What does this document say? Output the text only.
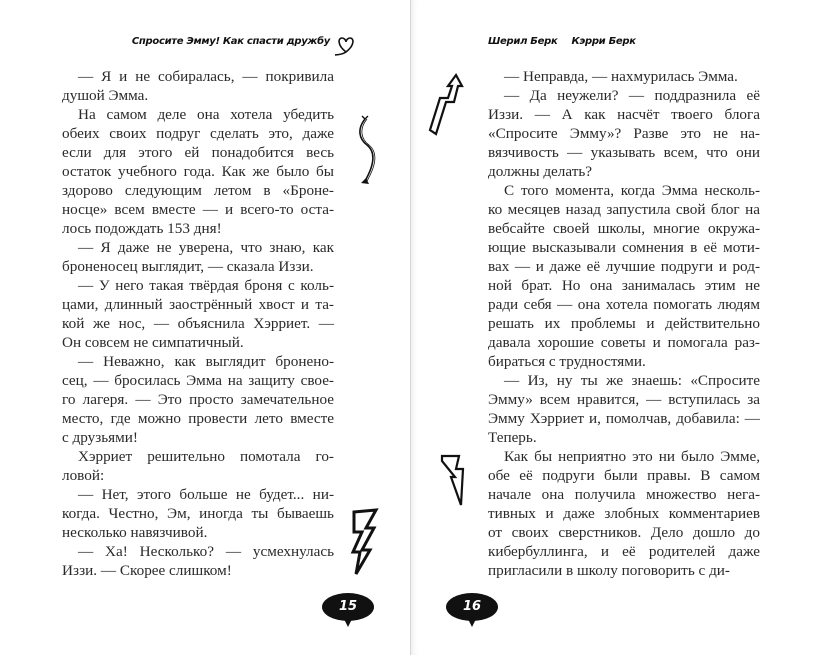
Спросите Эмму! Как спасти дружбу
— Я и не собиралась, — покривила
душой Эмма.
На самом деле она хотела убедить
обеих своих подруг сделать это, даже
если для этого ей понадобится весь
остаток учебного года. Как же было бы
здорово следующим летом в «Броне-
носце» всем вместе — и всего-то оста-
лось подождать 153 дня!
— Я даже не уверена, что знаю, как
броненосец выглядит, — сказала Иззи.
— У него такая твёрдая броня с коль-
цами, длинный заострённый хвост и та-
кой же нос, — объяснила Хэрриет. —
Он совсем не симпатичный.
— Неважно, как выглядит броненo-
сец, — бросилась Эмма на защиту свое-
го лагеря. — Это просто замечательное
место, где можно провести лето вместе
с друзьями!
Хэрриет решительно помотала го-
ловой:
— Нет, этого больше не будет... ни-
когда. Честно, Эм, иногда ты бываешь
несколько навязчивой.
— Ха! Несколько? — усмехнулась
Иззи. — Скорее слишком!
15
Шерил Берк Кэрри Берк
— Неправда, — нахмурилась Эмма.
— Да неужели? — поддразнила её
Иззи. — А как насчёт твоего блога
«Спросите Эмму»? Разве это не на-
вязчивость — указывать всем, что они
должны делать?
С того момента, когда Эмма несколь-
ко месяцев назад запустила свой блог на
вебсайте своей школы, многие окружа-
ющие высказывали сомнения в её моти-
вах — и даже её лучшие подруги и род-
ной брат. Но она занималась этим не
ради себя — она хотела помогать людям
решать их проблемы и действительно
давала хорошие советы и помогала раз-
бираться с трудностями.
— Из, ну ты же знаешь: «Спросите
Эмму» всем нравится, — вступилась за
Эмму Хэрриет и, помолчав, добавила: —
Теперь.
Как бы неприятно это ни было Эмме,
обе её подруги были правы. В самом
начале она получила множество нега-
тивных и даже злобных комментариев
от своих сверстников. Дело дошло до
кибербуллинга, и её родителей даже
пригласили в школу поговорить с ди-
16
